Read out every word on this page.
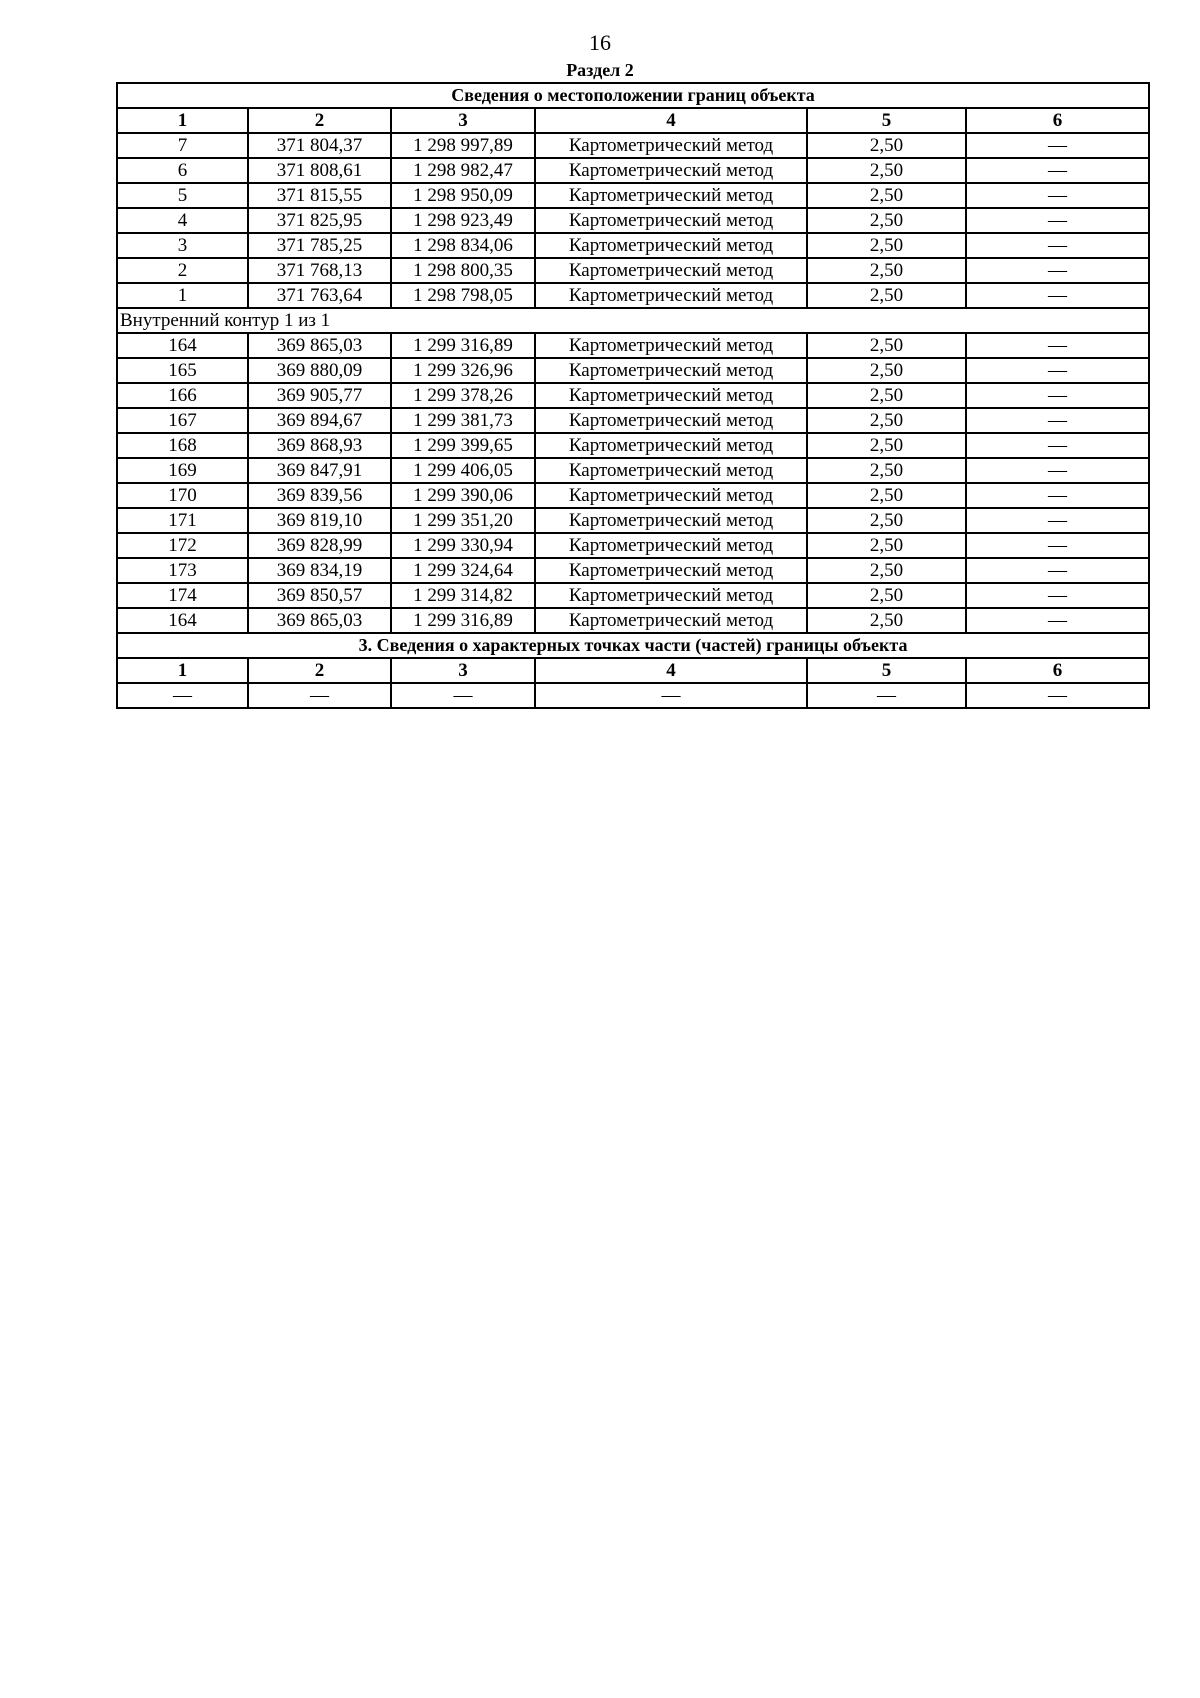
16
Раздел 2
Сведения о местоположении границ объекта					
1	2	3	4	5	6
7	371 804,37	1 298 997,89	Картометрический метод	2,50	—
6	371 808,61	1 298 982,47	Картометрический метод	2,50	—
5	371 815,55	1 298 950,09	Картометрический метод	2,50	—
4	371 825,95	1 298 923,49	Картометрический метод	2,50	—
3	371 785,25	1 298 834,06	Картометрический метод	2,50	—
2	371 768,13	1 298 800,35	Картометрический метод	2,50	—
1	371 763,64	1 298 798,05	Картометрический метод	2,50	—
Внутренний контур 1 из 1					
164	369 865,03	1 299 316,89	Картометрический метод	2,50	—
165	369 880,09	1 299 326,96	Картометрический метод	2,50	—
166	369 905,77	1 299 378,26	Картометрический метод	2,50	—
167	369 894,67	1 299 381,73	Картометрический метод	2,50	—
168	369 868,93	1 299 399,65	Картометрический метод	2,50	—
169	369 847,91	1 299 406,05	Картометрический метод	2,50	—
170	369 839,56	1 299 390,06	Картометрический метод	2,50	—
171	369 819,10	1 299 351,20	Картометрический метод	2,50	—
172	369 828,99	1 299 330,94	Картометрический метод	2,50	—
173	369 834,19	1 299 324,64	Картометрический метод	2,50	—
174	369 850,57	1 299 314,82	Картометрический метод	2,50	—
164	369 865,03	1 299 316,89	Картометрический метод	2,50	—
3. Сведения о характерных точках части (частей) границы объекта					
1	2	3	4	5	6
—	—	—	—	—	—
